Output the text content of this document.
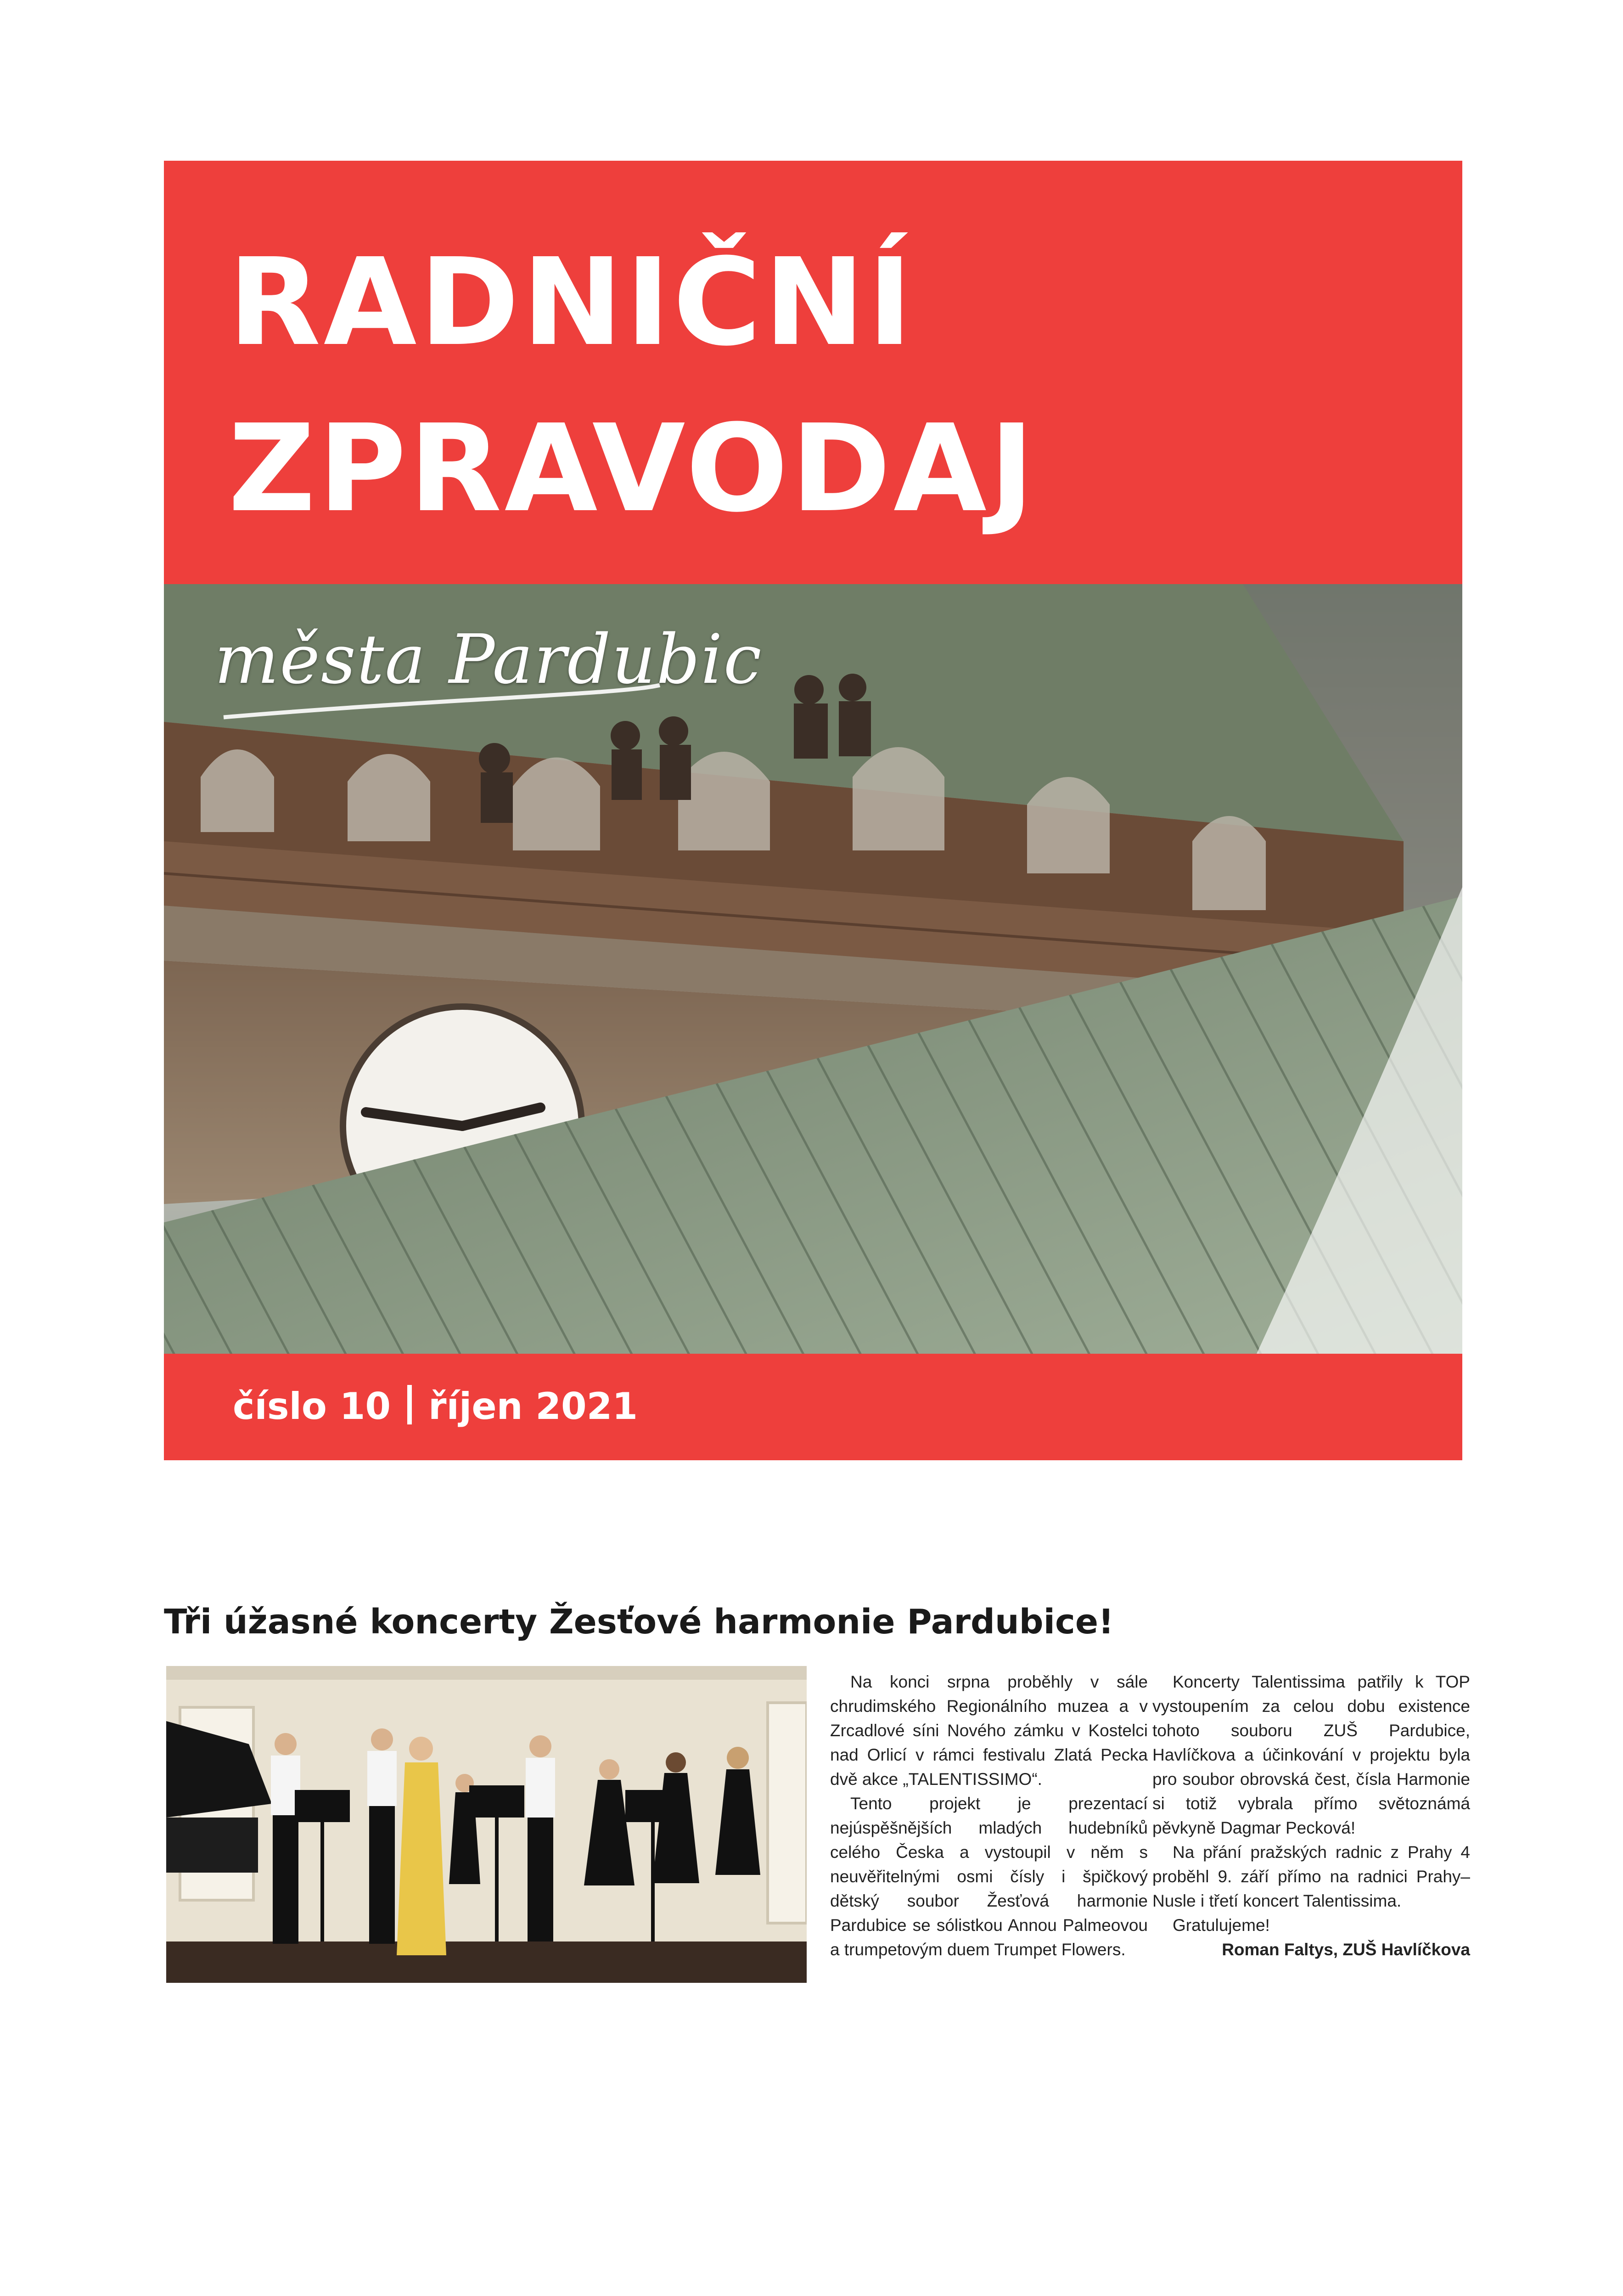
RADNIČNÍ
ZPRAVODAJ
města Pardubic
číslo 10 říjen 2021
Tři úžasné koncerty Žesťové harmonie Pardubice!

Na konci srpna proběhly v sále chrudimského Regionálního muzea a v Zrcadlové síni Nového zámku v Kostelci nad Orlicí v rámci festivalu Zlatá Pecka dvě akce „TALENTISSIMO“.

Tento projekt je prezentací nejúspěšnějších mladých hudebníků celého Česka a vystoupil v něm s neuvěřitelnými osmi čísly i špičkový dětský soubor Žesťová harmonie Pardubice se sólistkou Annou Palmeovou a trumpetovým duem Trumpet Flowers.

Koncerty Talentissima patřily k TOP vystoupením za celou dobu existence tohoto souboru ZUŠ Pardubice, Havlíčkova a účinkování v projektu byla pro soubor obrovská čest, čísla Harmonie si totiž vybrala přímo světoznámá pěvkyně Dagmar Pecková!

Na přání pražských radnic z Prahy 4 proběhl 9. září přímo na radnici Prahy–Nusle i třetí koncert Talentissima.

Gratulujeme!

Roman Faltys, ZUŠ Havlíčkova
